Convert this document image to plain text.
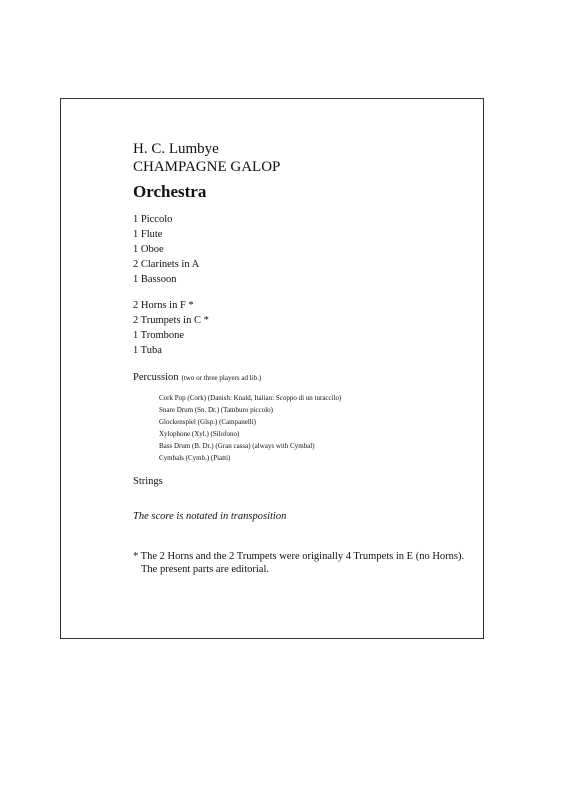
H. C. Lumbye
CHAMPAGNE GALOP
Orchestra
1 Piccolo
1 Flute
1 Oboe
2 Clarinets in A
1 Bassoon
2 Horns in F *
2 Trumpets in C *
1 Trombone
1 Tuba
Percussion (two or three players ad lib.)
Cork Pop (Cork) (Danish: Knald, Italian: Scoppo di un turaccilo)
Snare Drum (Sn. Dr.) (Tamburo piccolo)
Glockenspiel (Glsp.) (Campanelli)
Xylophone (Xyl.) (Silofono)
Bass Drum (B. Dr.) (Gran cassa) (always with Cymbal)
Cymbals (Cymb.) (Piatti)
Strings
The score is notated in transposition
* The 2 Horns and the 2 Trumpets were originally 4 Trumpets in E (no Horns).
The present parts are editorial.
